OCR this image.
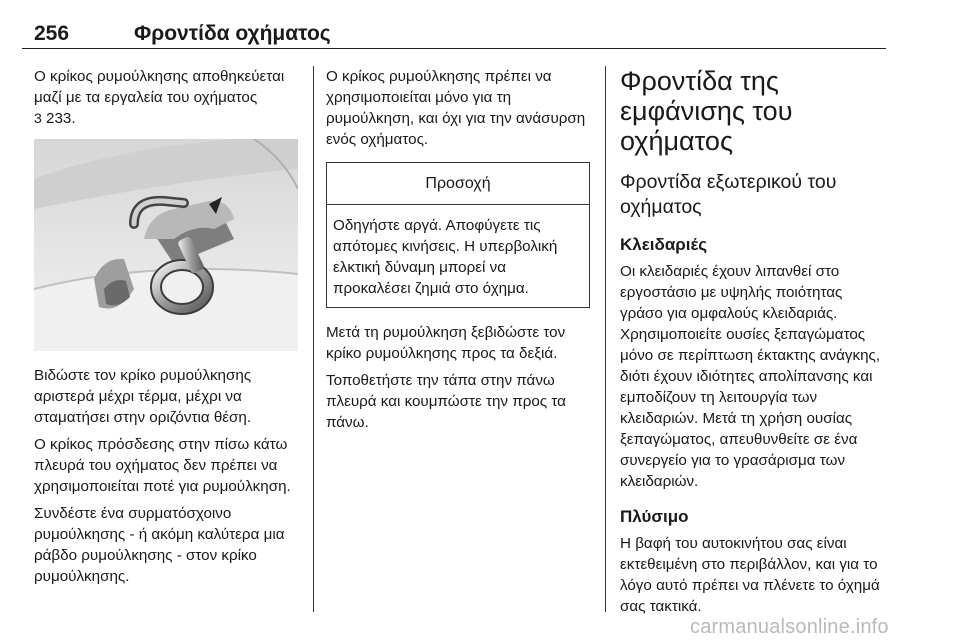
256	Φροντίδα οχήματος

Ο κρίκος ρυμούλκησης αποθηκεύεται μαζί με τα εργαλεία του οχήματος
3 233.

Βιδώστε τον κρίκο ρυμούλκησης αριστερά μέχρι τέρμα, μέχρι να σταματήσει στην οριζόντια θέση.

Ο κρίκος πρόσδεσης στην πίσω κάτω πλευρά του οχήματος δεν πρέπει να χρησιμοποιείται ποτέ για ρυμούλκηση.

Συνδέστε ένα συρματόσχοινο ρυμούλκησης - ή ακόμη καλύτερα μια ράβδο ρυμούλκησης - στον κρίκο ρυμούλκησης.

Ο κρίκος ρυμούλκησης πρέπει να χρησιμοποιείται μόνο για τη ρυμούλκηση, και όχι για την ανάσυρση ενός οχήματος.

Προσοχή
Οδηγήστε αργά. Αποφύγετε τις απότομες κινήσεις. Η υπερβολική ελκτική δύναμη μπορεί να προκαλέσει ζημιά στο όχημα.

Μετά τη ρυμούλκηση ξεβιδώστε τον κρίκο ρυμούλκησης προς τα δεξιά.

Τοποθετήστε την τάπα στην πάνω πλευρά και κουμπώστε την προς τα πάνω.

Φροντίδα της εμφάνισης του οχήματος
Φροντίδα εξωτερικού του οχήματος
Κλειδαριές

Οι κλειδαριές έχουν λιπανθεί στο εργοστάσιο με υψηλής ποιότητας γράσο για ομφαλούς κλειδαριάς. Χρησιμοποιείτε ουσίες ξεπαγώματος μόνο σε περίπτωση έκτακτης ανάγκης, διότι έχουν ιδιότητες απολίπανσης και εμποδίζουν τη λειτουργία των κλειδαριών. Μετά τη χρήση ουσίας ξεπαγώματος, απευθυνθείτε σε ένα συνεργείο για το γρασάρισμα των κλειδαριών.

Πλύσιμο

Η βαφή του αυτοκινήτου σας είναι εκτεθειμένη στο περιβάλλον, και για το λόγο αυτό πρέπει να πλένετε το όχημά σας τακτικά.

carmanualsonline.info
